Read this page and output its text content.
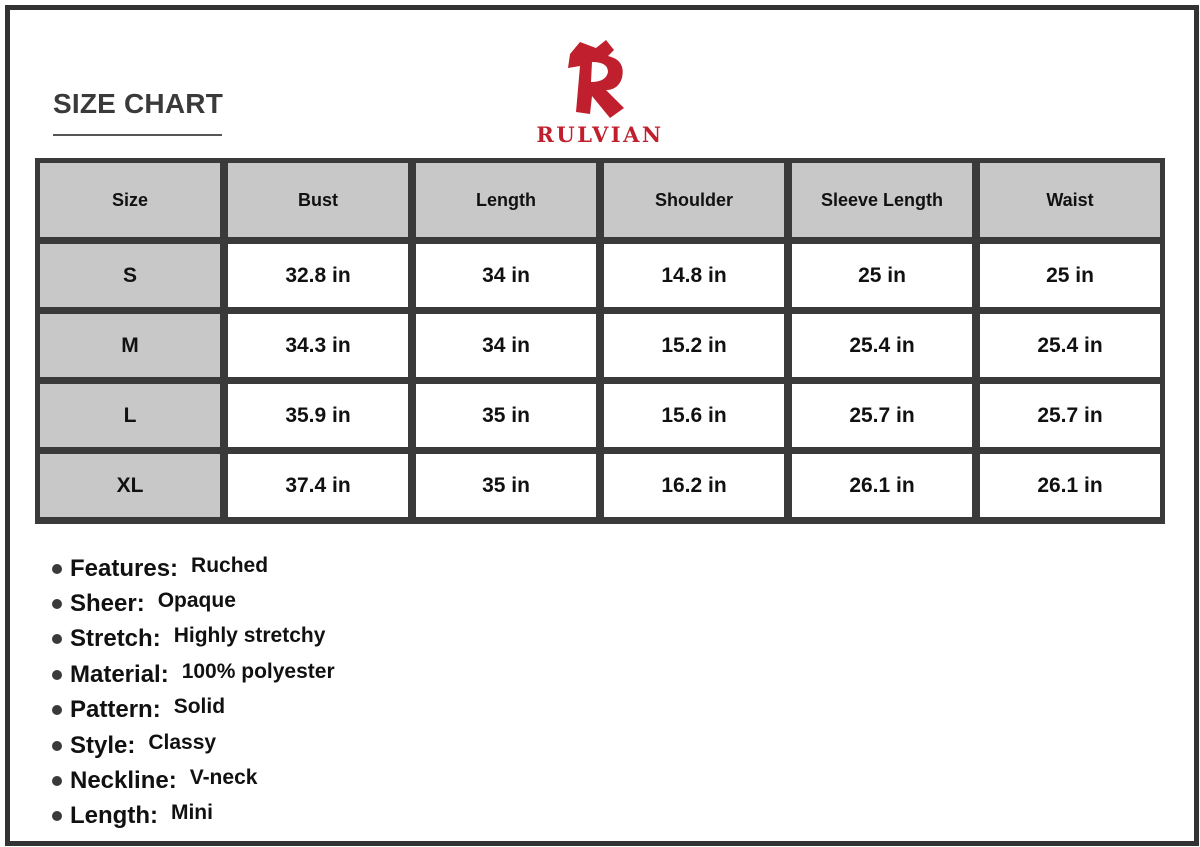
SIZE CHART
RULVIAN
Size	Bust	Length	Shoulder	Sleeve Length	Waist
S	32.8 in	34 in	14.8 in	25 in	25 in
M	34.3 in	34 in	15.2 in	25.4 in	25.4 in
L	35.9 in	35 in	15.6 in	25.7 in	25.7 in
XL	37.4 in	35 in	16.2 in	26.1 in	26.1 in
Features: Ruched
Sheer: Opaque
Stretch: Highly stretchy
Material: 100% polyester
Pattern: Solid
Style: Classy
Neckline: V-neck
Length: Mini
